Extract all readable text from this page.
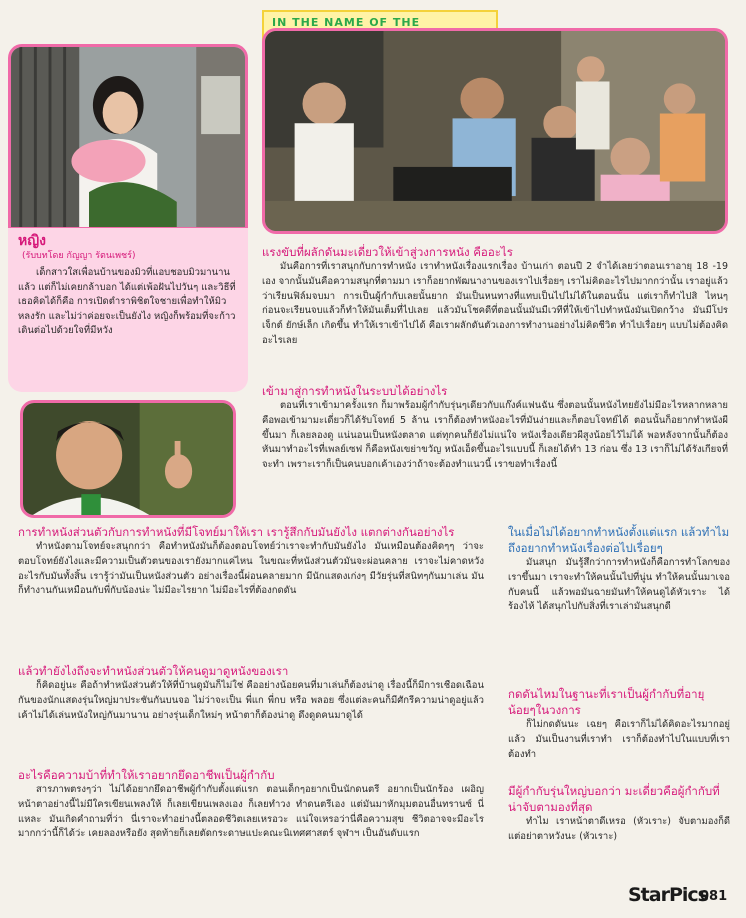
IN THE NAME OF THE
หญิง
(รับบทโดย กัญญา รัตนเพชร์)
เด็กสาวใสเพื่อนบ้านของมิวที่แอบชอบมิวมานานแล้ว แต่ก็ไม่เคยกล้าบอก ได้แต่เพ้อฝันไปวันๆ และวิธีที่เธอคิดได้ก็คือ การเปิดตำราพิชิตใจชายเพื่อทำให้มิวหลงรัก และไม่ว่าค่อยจะเป็นยังไง หญิงก็พร้อมที่จะก้าวเดินต่อไปด้วยใจที่มีหวัง
แรงขับที่ผลักดันมะเดี่ยวให้เข้าสู่วงการหนัง คืออะไร
มันคือการที่เราสนุกกับการทำหนัง เราทำหนังเรื่องแรกเรื่อง บ้านเก่า ตอนปี 2 จำได้เลยว่าตอนเราอายุ 18 -19 เอง จากนั้นมันคือความสนุกที่ตามมา เราก็อยากพัฒนางานของเราไปเรื่อยๆ เราไม่คิดอะไรไปมากกว่านั้น เราอยู่แล้วว่าเรียนฟิล์มจบมา การเป็นผู้กำกับเลยนั้นยาก มันเป็นหนทางที่แทบเป็นไปไม่ได้ในตอนนั้น แต่เราก็ทำไปสิ ไหนๆ ก่อนจะเรียนจบแล้วก็ทำให้มันเต็มที่ไปเลย แล้วมันโชคดีที่ตอนนั้นมันมีเวทีที่ให้เข้าไปทำหนังมันเปิดกว้าง มันมีโปรเจ็กต์ ยักษ์เล็ก เกิดขึ้น ทำให้เราเข้าไปได้ คือเราผลักดันตัวเองการทำงานอย่างไม่คิดชีวิต ทำไปเรื่อยๆ แบบไม่ต้องคิดอะไรเลย
เข้ามาสู่การทำหนังในระบบได้อย่างไร
ตอนที่เราเข้ามาครั้งแรก ก็มาพร้อมผู้กำกับรุ่นๆเดียวกับแก๊งค์แฟนฉัน ซึ่งตอนนั้นหนังไทยยังไม่มีอะไรหลากหลาย คือพอเข้ามามะเดี่ยวก็ได้รับโจทย์ 5 ล้าน เราก็ต้องทำหนังอะไรที่มันง่ายและก็ตอบโจทย์ได้ ตอนนั้นก็อยากทำหนังผีขึ้นมา ก็เลยลองดู แน่นอนเป็นหนังตลาด แต่ทุกคนก็ยังไม่แน่ใจ หนังเรื่องเดียวผีสูงน้อยไว้ไม่ได้ พอหลังจากนั้นก็ต้องหันมาทำอะไรที่เพลย์เซฟ ก็คือหนังเขย่าขวัญ หนังเอ็ดขึ้นอะไรแบบนี้ ก็เลยได้ทำ 13 ก่อน ซึ่ง 13 เราก็ไม่ได้รังเกียจที่จะทำ เพราะเราก็เป็นคนบอกเค้าเองว่าถ้าจะต้องทำแนวนี้ เราขอทำเรื่องนี้
การทำหนังส่วนตัวกับการทำหนังที่มีโจทย์มาให้เรา เรารู้สึกกับมันยังไง แตกต่างกันอย่างไร
ทำหนังตามโจทย์จะสนุกกว่า คือทำหนังมันก็ต้องตอบโจทย์ว่าเราจะทำกับมันยังไง มันเหมือนต้องคิดๆๆ ว่าจะตอบโจทย์ยังไงและมีความเป็นตัวตนของเรายังมากแค่ไหน ในขณะที่หนังส่วนตัวมันจะผ่อนคลาย เราจะไม่คาดหวังอะไรกับมันทั้งสิ้น เรารู้ว่ามันเป็นหนังส่วนตัว อย่างเรื่องนี้ผ่อนคลายมาก มีนักแสดงเก่งๆ มีวัยรุ่นที่สนิทๆกันมาเล่น มันก็ทำงานกันเหมือนกับพี่กับน้องน่ะ ไม่มีอะไรยาก ไม่มีอะไรที่ต้องกดดัน
แล้วทำยังไงถึงจะทำหนังส่วนตัวให้คนดูมาดูหนังของเรา
ก็คิดอยู่นะ คือถ้าทำหนังส่วนตัวให้ที่บ้านดูมันก็ไม่ใช่ คืออย่างน้อยคนที่มาเล่นก็ต้องน่าดู เรื่องนี้ก็มีการเชือดเฉือนกันของนักแสดงรุ่นใหญ่มาประชันกันบนจอ ไม่ว่าจะเป็น พี่แก พี่กบ หรือ พลอย ซึ่งแต่ละคนก็มีศักรีความน่าดูอยู่แล้ว เค้าไม่ได้เล่นหนังใหญ่กันมานาน อย่างรุ่นเด็กใหม่ๆ หน้าตาก็ต้องน่าดู ดึงดูดคนมาดูได้
อะไรคือความบ้าที่ทำให้เราอยากยึดอาชีพเป็นผู้กำกับ
สารภาพตรงๆว่า ไม่ได้อยากยึดอาชีพผู้กำกับตั้งแต่แรก ตอนเด็กๆอยากเป็นนักดนตรี อยากเป็นนักร้อง เผอิญหน้าตาอย่างนี้ไม่มีใครเขียนเพลงให้ ก็เลยเขียนเพลงเอง ก็เลยทำวง ทำดนตรีเอง แต่มันมาหักมุมตอนอื่นทรานซ์ นี่แหละ มันเกิดคำถามที่ว่า นี่เราจะทำอย่างนี้ตลอดชีวิตเลยเหรอวะ แน่ใจเหรอว่านี่คือความสุข ชีวิตอาจจะมีอะไรมากกว่านี้ก็ได้ว่ะ เคยลองหรือยัง สุดท้ายก็เลยตัดกระดาษแปะคณะนิเทศศาสตร์ จุฬาฯ เป็นอันดับแรก
ในเมื่อไม่ได้อยากทำหนังตั้งแต่แรก แล้วทำไมถึงอยากทำหนังเรื่องต่อไปเรื่อยๆ
มันสนุก มันรู้สึกว่าการทำหนังก็คือการทำโลกของเราขึ้นมา เราจะทำให้คนนั้นไปที่นู่น ทำให้คนนั้นมาเจอกับคนนี้ แล้วพอมันฉายมันทำให้คนดูได้หัวเราะ ได้ร้องไห้ ได้สนุกไปกับสิ่งที่เราเล่ามันสนุกดี
กดดันไหมในฐานะที่เราเป็นผู้กำกับที่อายุน้อยๆในวงการ
ก็ไม่กดดันนะ เฉยๆ คือเราก็ไม่ได้คิดอะไรมากอยู่แล้ว มันเป็นงานที่เราทำ เราก็ต้องทำไปในแบบที่เราต้องทำ
มีผู้กำกับรุ่นใหญ่บอกว่า มะเดี่ยวคือผู้กำกับที่น่าจับตามองที่สุด
ทำไม เราหน้าตาดีเหรอ (หัวเราะ) จับตามองก็ดี แต่อย่าตาหวังนะ (หัวเราะ)
StarPics
081
